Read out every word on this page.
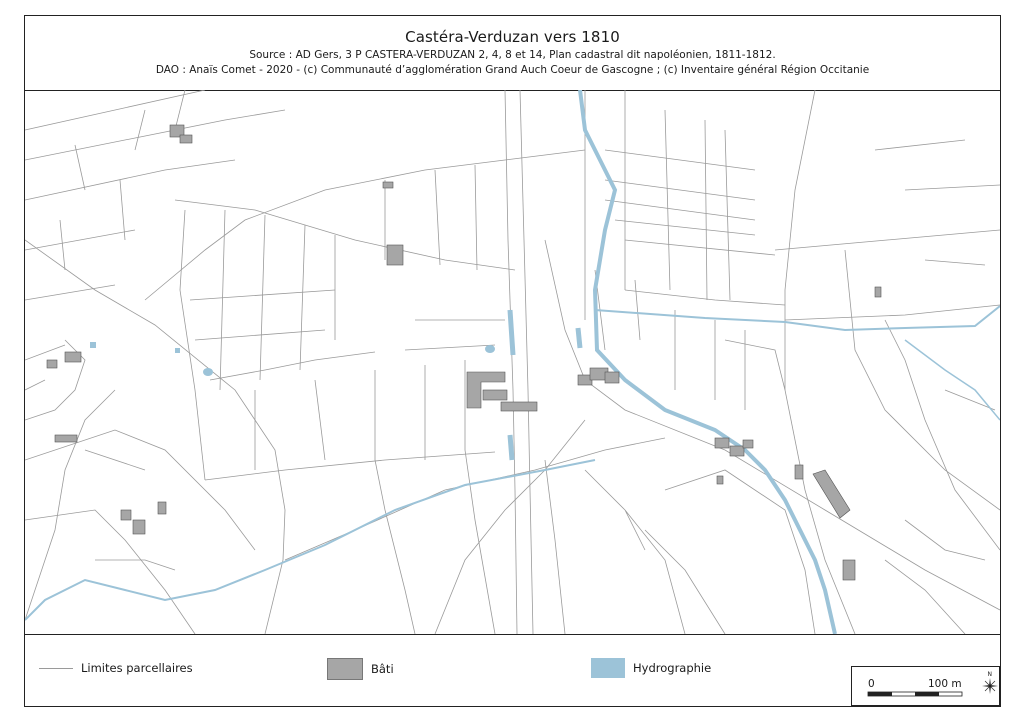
Castéra-Verduzan vers 1810
Source : AD Gers, 3 P CASTERA-VERDUZAN 2, 4, 8 et 14, Plan cadastral dit napoléonien, 1811-1812.
DAO : Anaïs Comet - 2020 - (c) Communauté d’agglomération Grand Auch Coeur de Gascogne ; (c) Inventaire général Région Occitanie
Limites parcellaires	Bâti	Hydrographie
0	100 m
N
